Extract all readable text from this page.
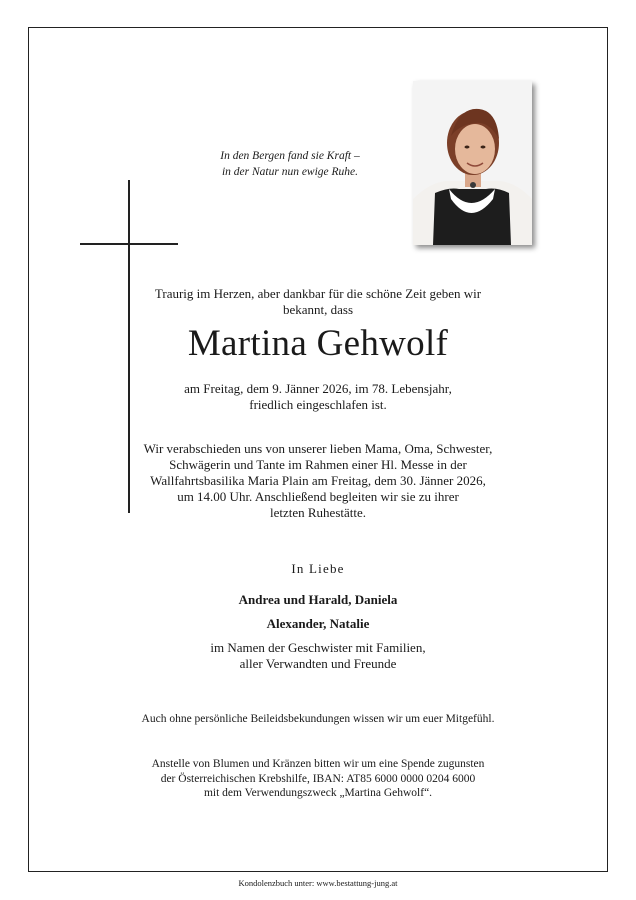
In den Bergen fand sie Kraft –
in der Natur nun ewige Ruhe.
Traurig im Herzen, aber dankbar für die schöne Zeit geben wir
bekannt, dass
Martina Gehwolf
am Freitag, dem 9. Jänner 2026, im 78. Lebensjahr,
friedlich eingeschlafen ist.
Wir verabschieden uns von unserer lieben Mama, Oma, Schwester,
Schwägerin und Tante im Rahmen einer Hl. Messe in der
Wallfahrtsbasilika Maria Plain am Freitag, dem 30. Jänner 2026,
um 14.00 Uhr. Anschließend begleiten wir sie zu ihrer
letzten Ruhestätte.
In Liebe
Andrea und Harald, Daniela
Alexander, Natalie
im Namen der Geschwister mit Familien,
aller Verwandten und Freunde
Auch ohne persönliche Beileidsbekundungen wissen wir um euer Mitgefühl.
Anstelle von Blumen und Kränzen bitten wir um eine Spende zugunsten
der Österreichischen Krebshilfe, IBAN: AT85 6000 0000 0204 6000
mit dem Verwendungszweck „Martina Gehwolf“.
Kondolenzbuch unter: www.bestattung-jung.at
